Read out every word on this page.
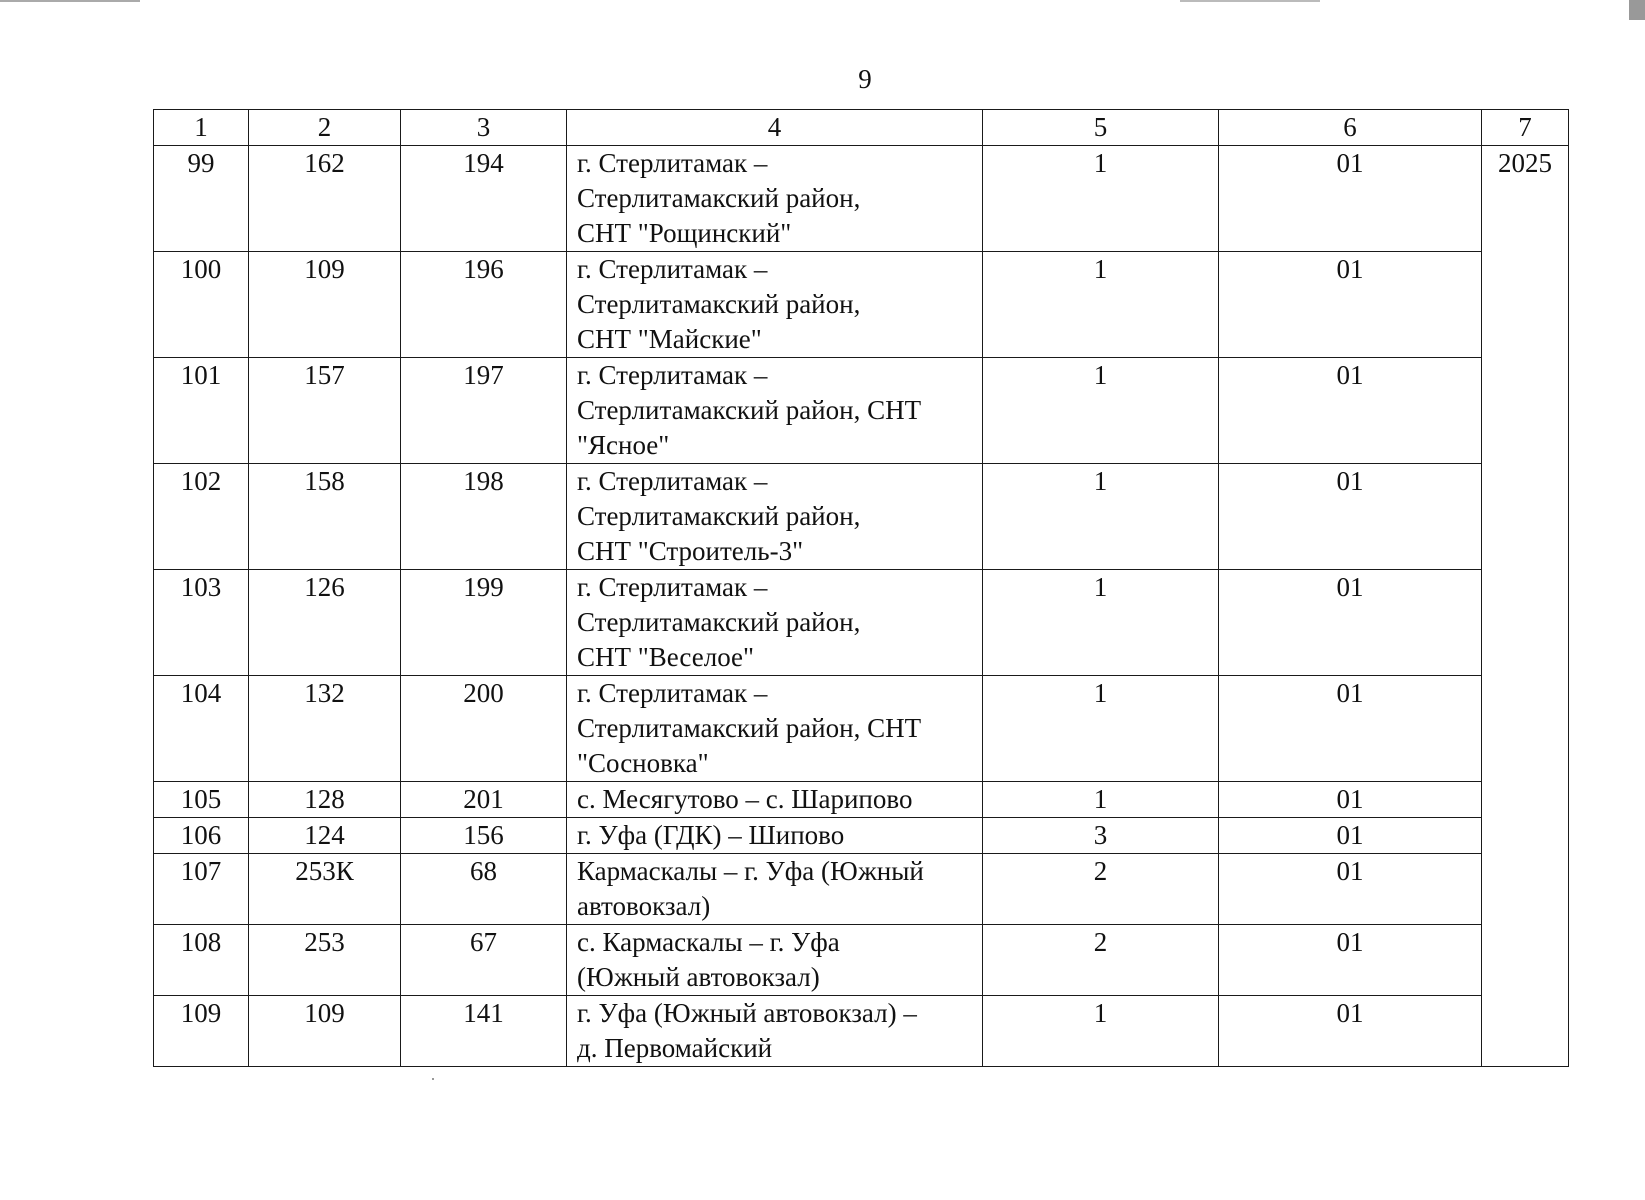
9
1	2	3	4	5	6	7
99	162	194	г. Стерлитамак –
Стерлитамакский район,
СНТ "Рощинский"	1	01	2025
100	109	196	г. Стерлитамак –
Стерлитамакский район,
СНТ "Майские"	1	01	
101	157	197	г. Стерлитамак –
Стерлитамакский район, СНТ
"Ясное"	1	01	
102	158	198	г. Стерлитамак –
Стерлитамакский район,
СНТ "Строитель-3"	1	01	
103	126	199	г. Стерлитамак –
Стерлитамакский район,
СНТ "Веселое"	1	01	
104	132	200	г. Стерлитамак –
Стерлитамакский район, СНТ
"Сосновка"	1	01	
105	128	201	с. Месягутово – с. Шарипово	1	01	
106	124	156	г. Уфа (ГДК) – Шипово	3	01	
107	253К	68	Кармаскалы – г. Уфа (Южный
автовокзал)	2	01	
108	253	67	с. Кармаскалы – г. Уфа
(Южный автовокзал)	2	01	
109	109	141	г. Уфа (Южный автовокзал) –
д. Первомайский	1	01	
